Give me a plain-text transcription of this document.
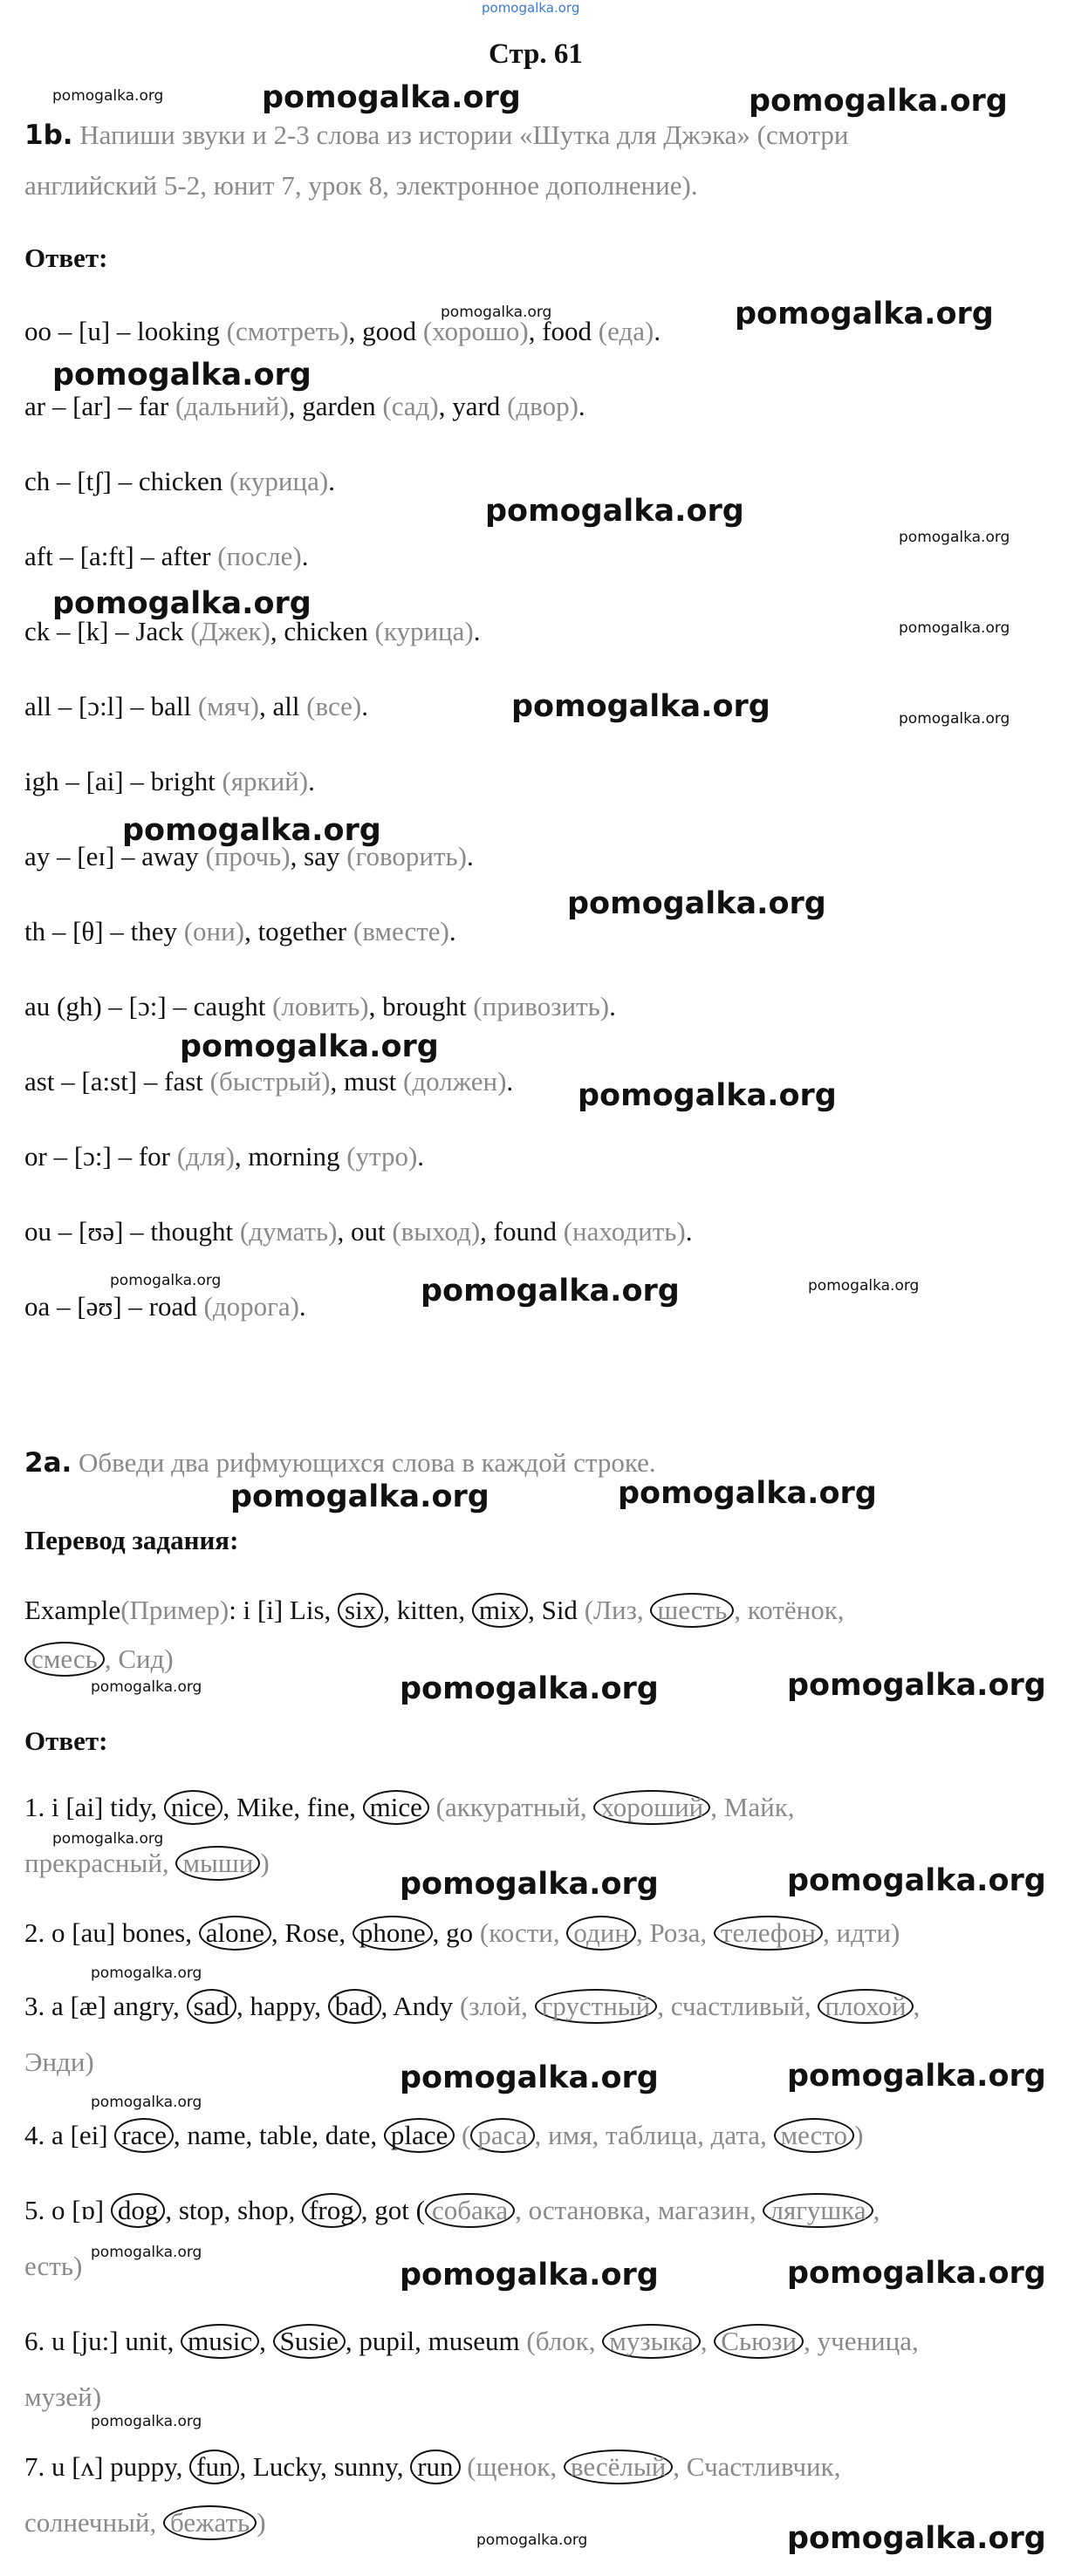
pomogalka.org
Стр. 61
pomogalka.org	pomogalka.org	pomogalka.org
1b. Напиши звуки и 2-3 слова из истории «Шутка для Джэка» (смотри
английский 5-2, юнит 7, урок 8, электронное дополнение).
Ответ:
oo – [u] – looking (смотреть), good (хорошо), food (еда).
ar – [ar] – far (дальний), garden (сад), yard (двор).
ch – [tʃ] – chicken (курица).
aft – [a:ft] – after (после).
ck – [k] – Jack (Джек), chicken (курица).
all – [ɔ:l] – ball (мяч), all (все).
igh – [ai] – bright (яркий).
ay – [eɪ] – away (прочь), say (говорить).
th – [θ] – they (они), together (вместе).
au (gh) – [ɔ:] – caught (ловить), brought (привозить).
ast – [a:st] – fast (быстрый), must (должен).
or – [ɔ:] – for (для), morning (утро).
ou – [ʊə] – thought (думать), out (выход), found (находить).
oa – [əʊ] – road (дорога).
pomogalka.org	pomogalka.org
pomogalka.org
pomogalka.org
pomogalka.org
pomogalka.org
pomogalka.org
pomogalka.org	pomogalka.org
pomogalka.org
pomogalka.org
pomogalka.org
pomogalka.org
pomogalka.org	pomogalka.org	pomogalka.org
2a. Обведи два рифмующихся слова в каждой строке.
pomogalka.org	pomogalka.org
Перевод задания:
Example(Пример): i [i] Lis, six , kitten, mix , Sid (Лиз, шесть , котёнок,
смесь , Сид)
pomogalka.org	pomogalka.org	pomogalka.org
Ответ:
1. i [ai] tidy, nice , Mike, fine, mice (аккуратный, хороший , Майк,
прекрасный, мыши )
2. o [au] bones, alone , Rose, phone , go (кости, один , Роза, телефон , идти)
3. a [æ] angry, sad , happy, bad , Andy (злой, грустный , счастливый, плохой ,
Энди)
4. a [ei] race , name, table, date, place ( раса , имя, таблица, дата, место )
5. o [ɒ] dog , stop, shop, frog , got ( собака , остановка, магазин, лягушка ,
есть)
6. u [ju:] unit, music , Susie , pupil, museum (блок, музыка , Сьюзи , ученица,
музей)
7. u [ʌ] puppy, fun , Lucky, sunny, run (щенок, весёлый , Счастливчик,
солнечный, бежать )
pomogalka.org
pomogalka.org	pomogalka.org
pomogalka.org
pomogalka.org
pomogalka.org	pomogalka.org
pomogalka.org
pomogalka.org	pomogalka.org
pomogalka.org
pomogalka.org	pomogalka.org
